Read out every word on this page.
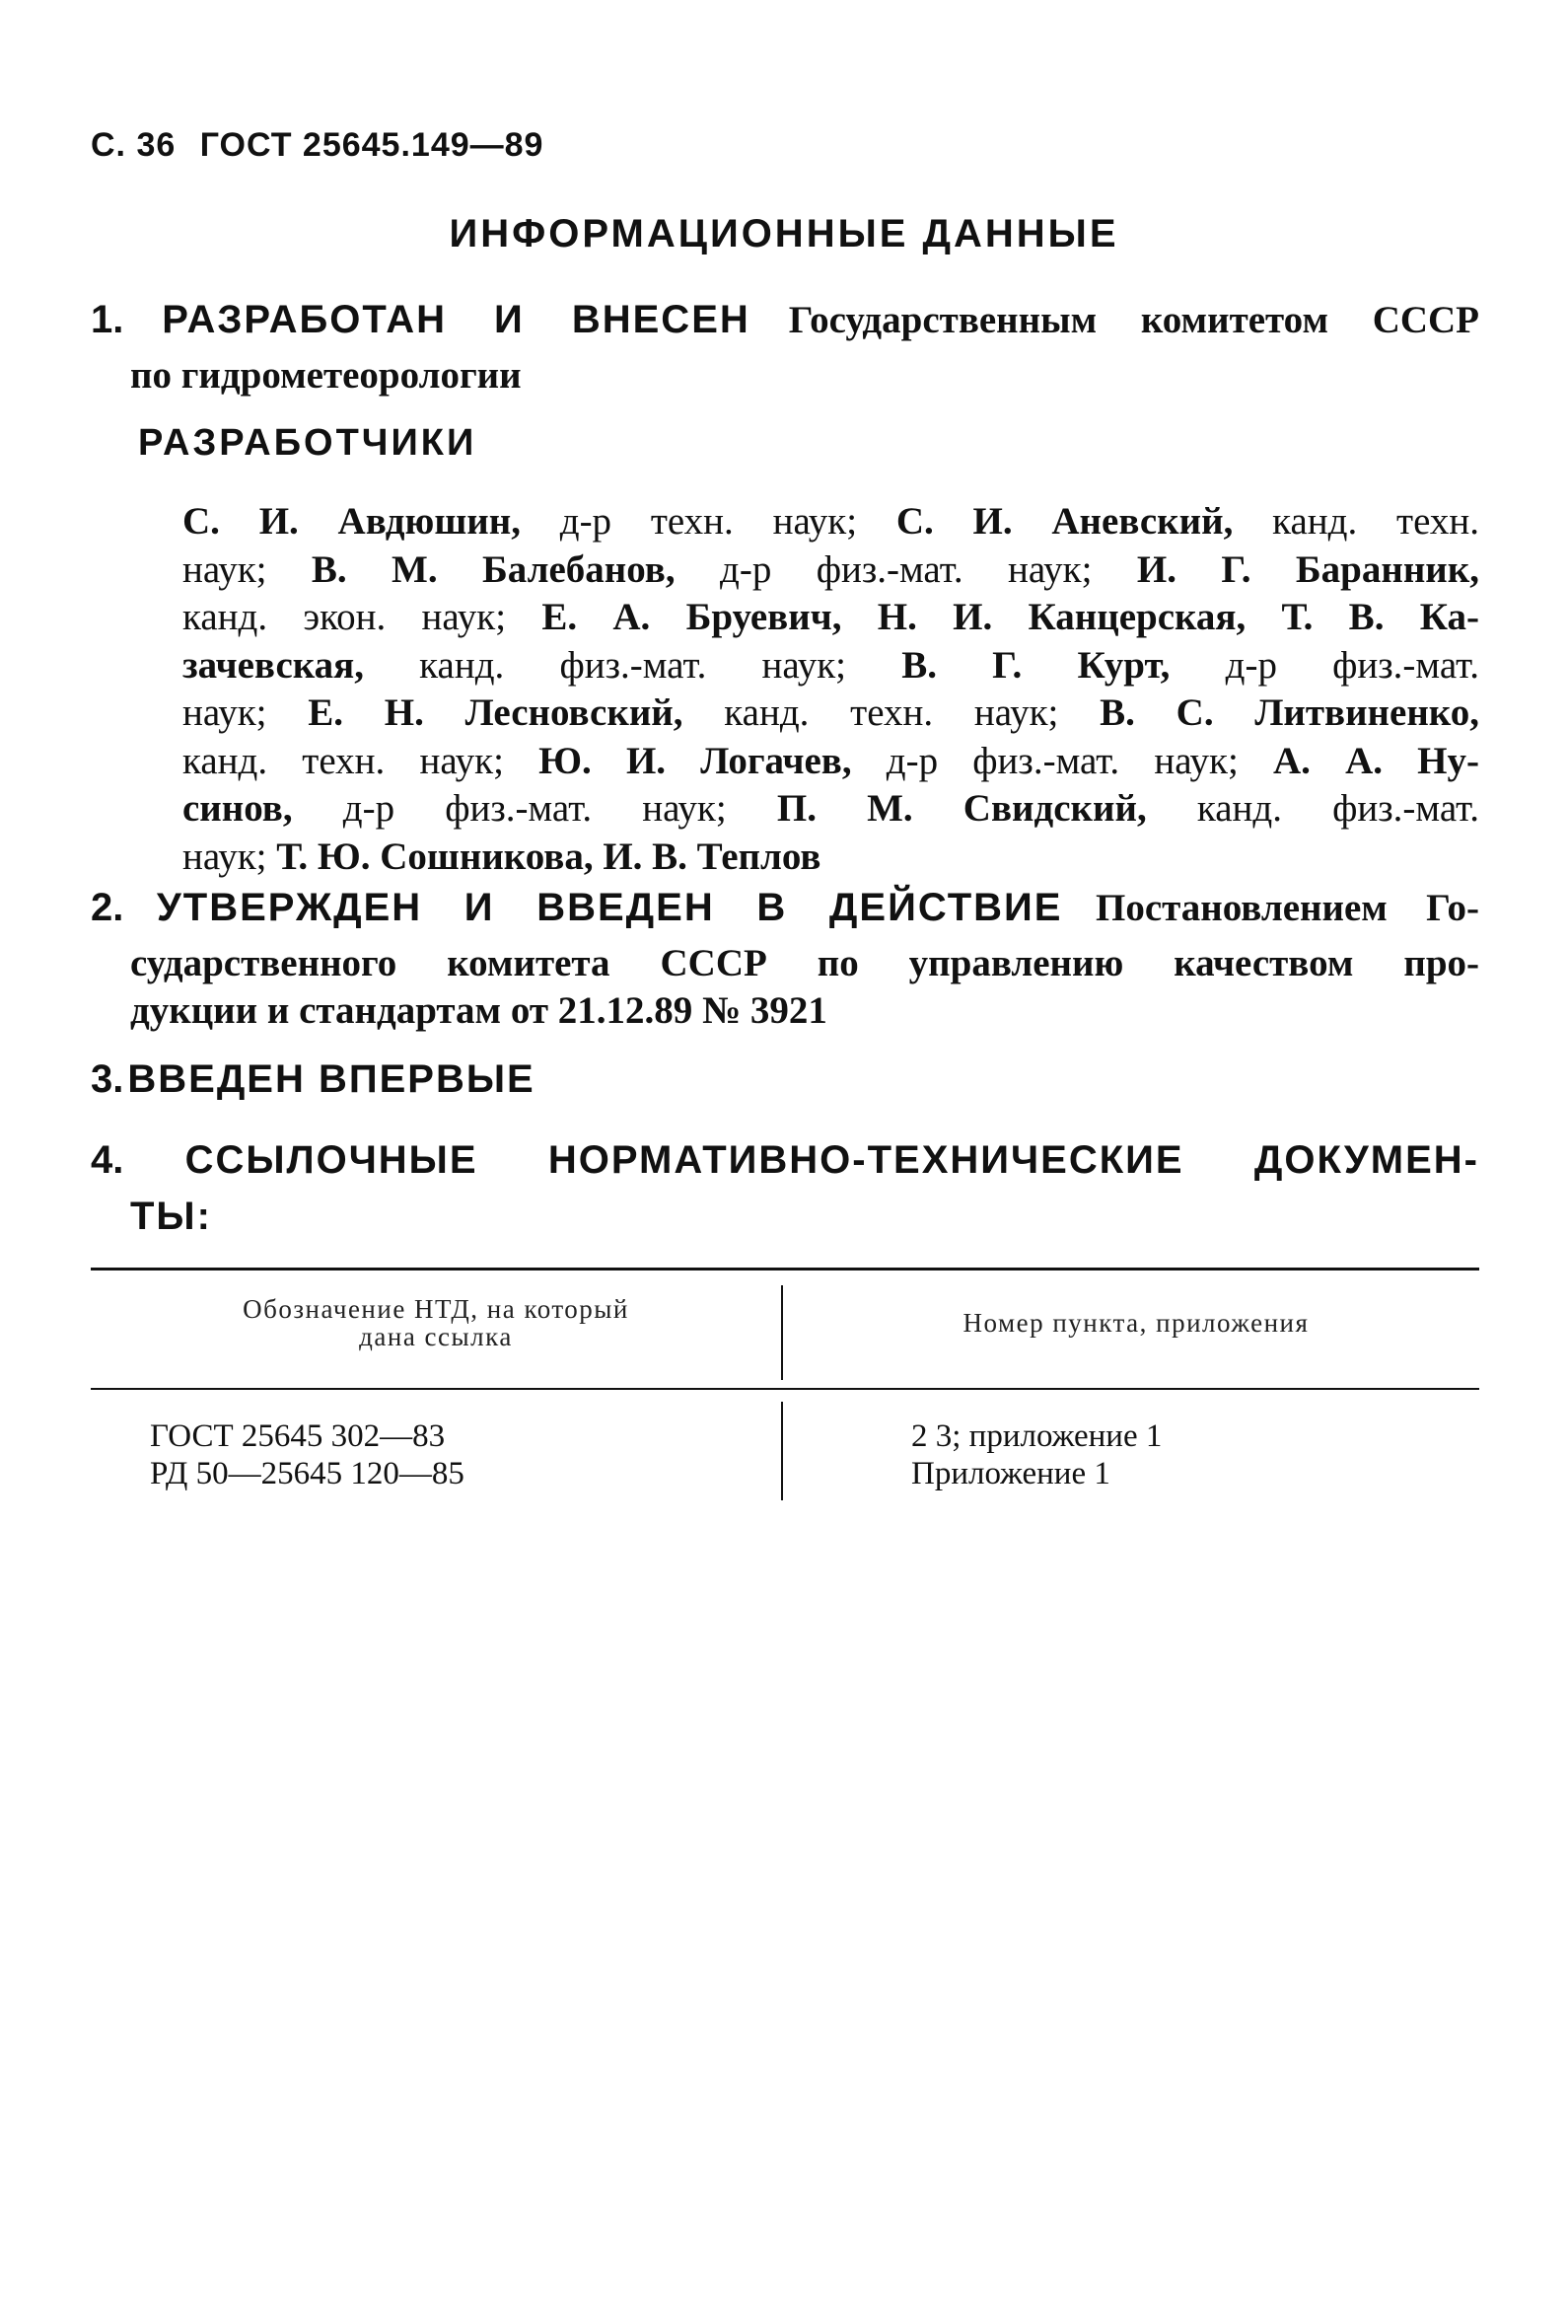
С. 36 ГОСТ 25645.149—89
ИНФОРМАЦИОННЫЕ ДАННЫЕ
1. РАЗРАБОТАН И ВНЕСЕН Государственным комитетом СССР
по гидрометеорологии
РАЗРАБОТЧИКИ
С. И. Авдюшин, д-р техн. наук; С. И. Аневский, канд. техн.
наук; В. М. Балебанов, д-р физ.-мат. наук; И. Г. Баранник,
канд. экон. наук; Е. А. Бруевич, Н. И. Канцерская, Т. В. Ка-
зачевская, канд. физ.-мат. наук; В. Г. Курт, д-р физ.-мат.
наук; Е. Н. Лесновский, канд. техн. наук; В. С. Литвиненко,
канд. техн. наук; Ю. И. Логачев, д-р физ.-мат. наук; А. А. Ну-
синов, д-р физ.-мат. наук; П. М. Свидский, канд. физ.-мат.
наук; Т. Ю. Сошникова, И. В. Теплов
2. УТВЕРЖДЕН И ВВЕДЕН В ДЕЙСТВИЕ Постановлением Го-
сударственного комитета СССР по управлению качеством про-
дукции и стандартам от 21.12.89 № 3921
3. ВВЕДЕН ВПЕРВЫЕ
4. ССЫЛОЧНЫЕ НОРМАТИВНО-ТЕХНИЧЕСКИЕ ДОКУМЕН-
ТЫ:
Обозначение НТД, на который
дана ссылка	Номер пункта, приложения
ГОСТ 25645 302—83	2 3; приложение 1
РД 50—25645 120—85	Приложение 1
